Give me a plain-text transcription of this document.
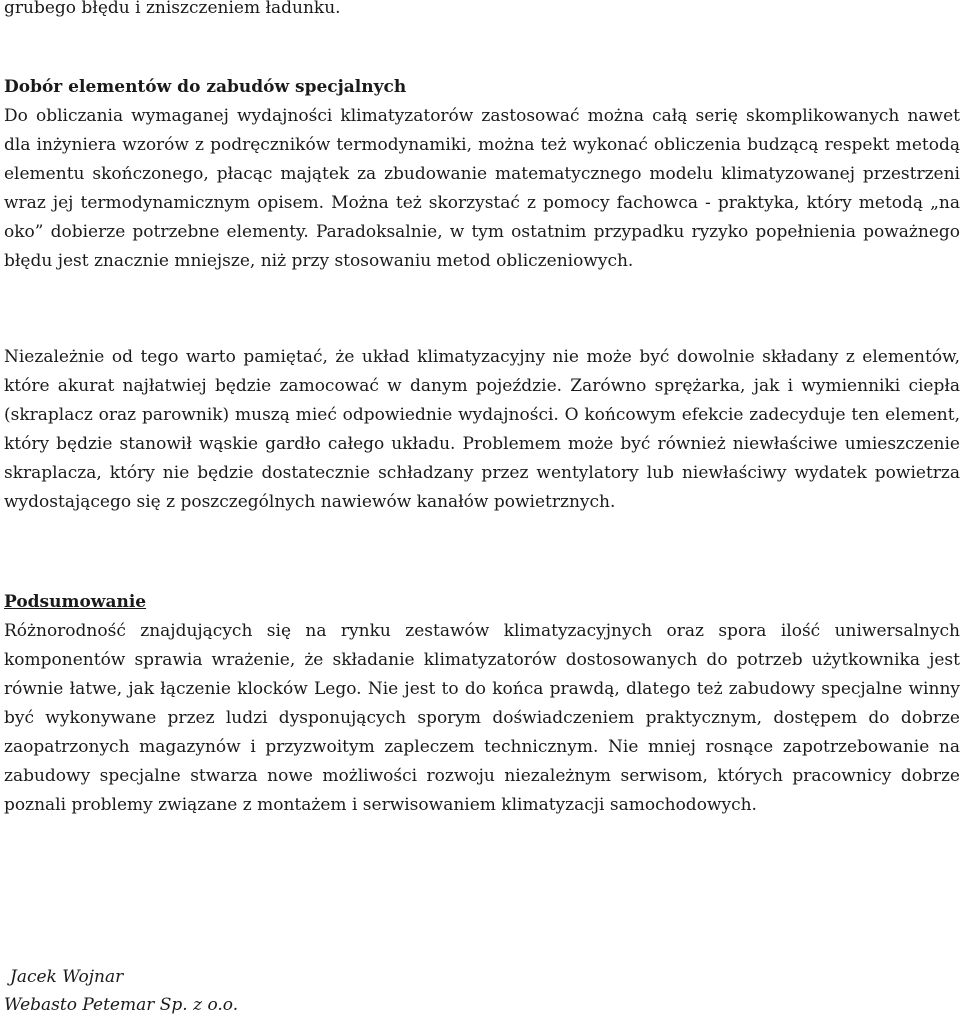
grubego błędu i zniszczeniem ładunku.
Dobór elementów do zabudów specjalnych
Do obliczania wymaganej wydajności klimatyzatorów zastosować można całą serię skomplikowanych nawet dla inżyniera wzorów z podręczników termodynamiki, można też wykonać obliczenia budzącą respekt metodą elementu skończonego, płacąc majątek za zbudowanie matematycznego modelu klimatyzowanej przestrzeni wraz jej termodynamicznym opisem. Można też skorzystać z pomocy fachowca - praktyka, który metodą „na oko” dobierze potrzebne elementy. Paradoksalnie, w tym ostatnim przypadku ryzyko popełnienia poważnego błędu jest znacznie mniejsze, niż przy stosowaniu metod obliczeniowych.
Niezależnie od tego warto pamiętać, że układ klimatyzacyjny nie może być dowolnie składany z elementów, które akurat najłatwiej będzie zamocować w danym pojeździe. Zarówno sprężarka, jak i wymienniki ciepła (skraplacz oraz parownik) muszą mieć odpowiednie wydajności. O końcowym efekcie zadecyduje ten element, który będzie stanowił wąskie gardło całego układu. Problemem może być również niewłaściwe umieszczenie skraplacza, który nie będzie dostatecznie schładzany przez wentylatory lub niewłaściwy wydatek powietrza wydostającego się z poszczególnych nawiewów kanałów powietrznych.
Podsumowanie
Różnorodność znajdujących się na rynku zestawów klimatyzacyjnych oraz spora ilość uniwersalnych komponentów sprawia wrażenie, że składanie klimatyzatorów dostosowanych do potrzeb użytkownika jest równie łatwe, jak łączenie klocków Lego. Nie jest to do końca prawdą, dlatego też zabudowy specjalne winny być wykonywane przez ludzi dysponujących sporym doświadczeniem praktycznym, dostępem do dobrze zaopatrzonych magazynów i przyzwoitym zapleczem technicznym. Nie mniej rosnące zapotrzebowanie na zabudowy specjalne stwarza nowe możliwości rozwoju niezależnym serwisom, których pracownicy dobrze poznali problemy związane z montażem i serwisowaniem klimatyzacji samochodowych.
Jacek Wojnar
Webasto Petemar Sp. z o.o.
